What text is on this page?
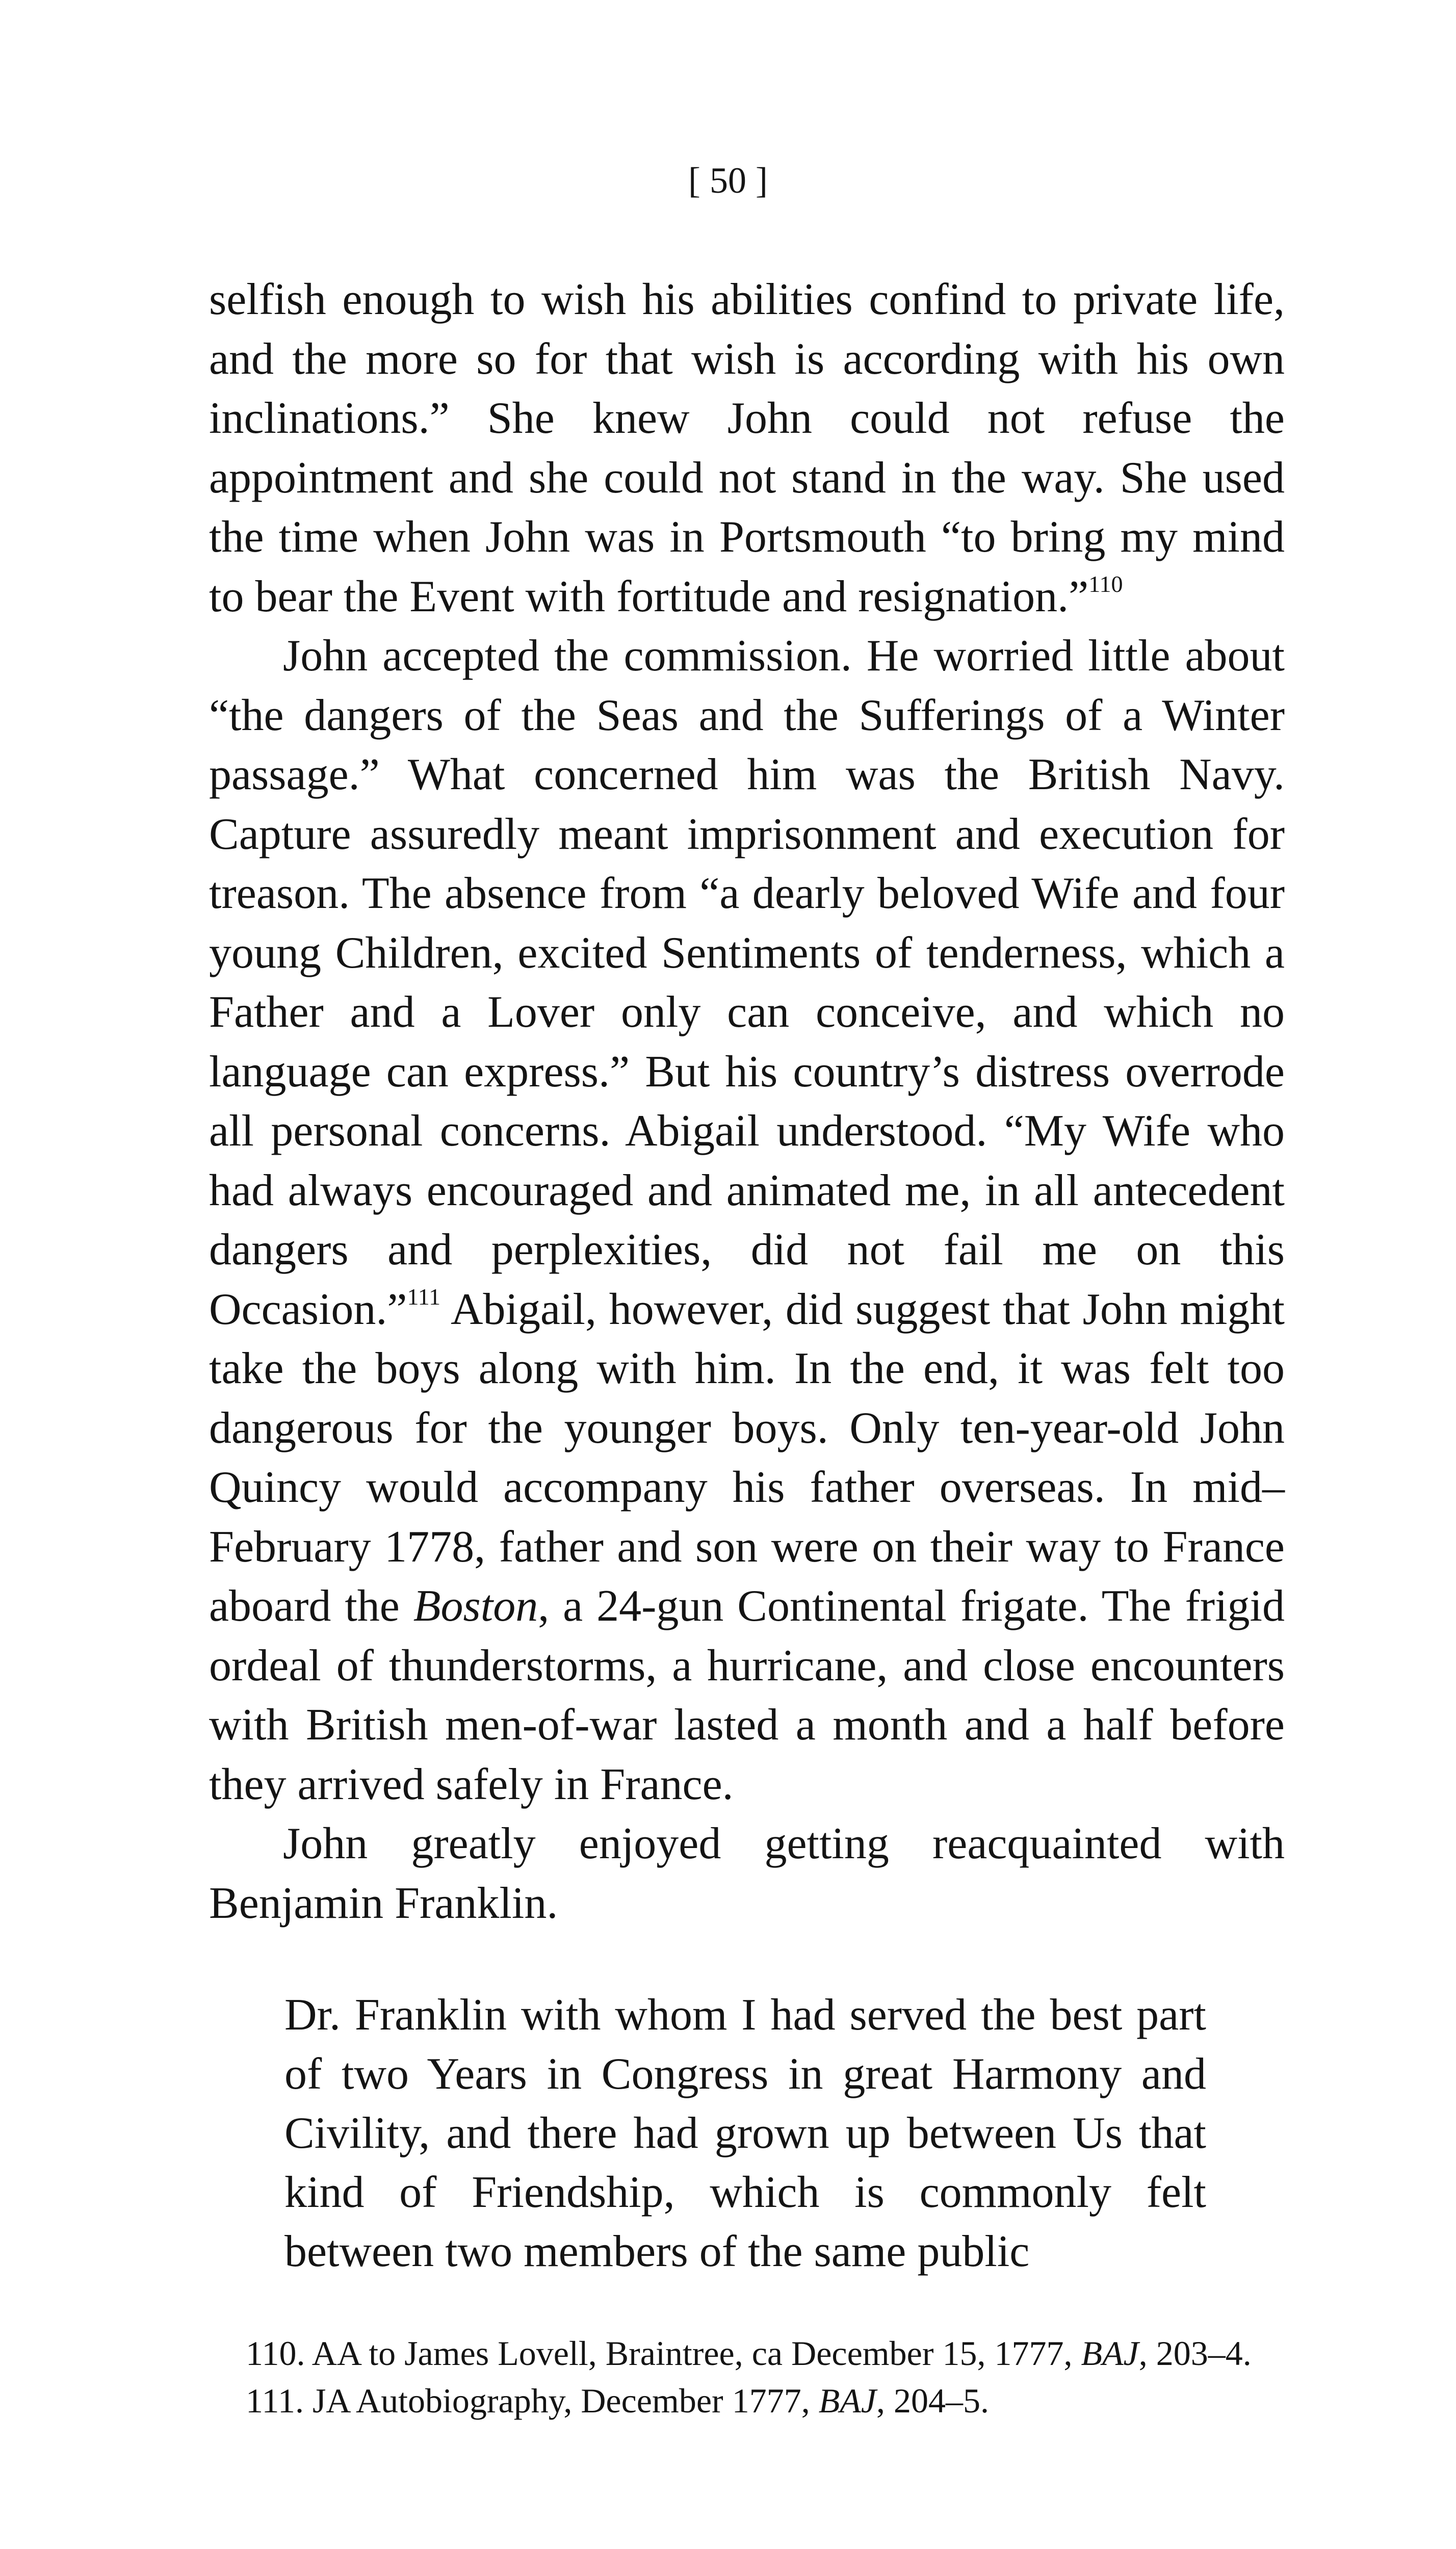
[ 50 ]

selfish enough to wish his abilities confind to private life, and the more so for that wish is according with his own inclinations.” She knew John could not refuse the appointment and she could not stand in the way. She used the time when John was in Portsmouth “to bring my mind to bear the Event with fortitude and resignation.”$^{110}$

John accepted the commission. He worried little about “the dangers of the Seas and the Sufferings of a Winter passage.” What concerned him was the British Navy. Capture assuredly meant imprisonment and execution for treason. The absence from “a dearly beloved Wife and four young Children, excited Sentiments of tenderness, which a Father and a Lover only can conceive, and which no language can express.” But his country’s distress overrode all personal concerns. Abigail understood. “My Wife who had always encouraged and animated me, in all antecedent dangers and perplexities, did not fail me on this Occasion.”$^{111}$ Abigail, however, did suggest that John might take the boys along with him. In the end, it was felt too dangerous for the younger boys. Only ten-year-old John Quincy would accompany his father overseas. In mid–February 1778, father and son were on their way to France aboard the Boston, a 24-gun Continental frigate. The frigid ordeal of thunderstorms, a hurricane, and close encounters with British men-of-war lasted a month and a half before they arrived safely in France.

John greatly enjoyed getting reacquainted with Benjamin Franklin.

Dr. Franklin with whom I had served the best part of two Years in Congress in great Harmony and Civility, and there had grown up between Us that kind of Friendship, which is commonly felt between two members of the same public

110. AA to James Lovell, Braintree, ca December 15, 1777, BAJ, 203–4.

111. JA Autobiography, December 1777, BAJ, 204–5.
